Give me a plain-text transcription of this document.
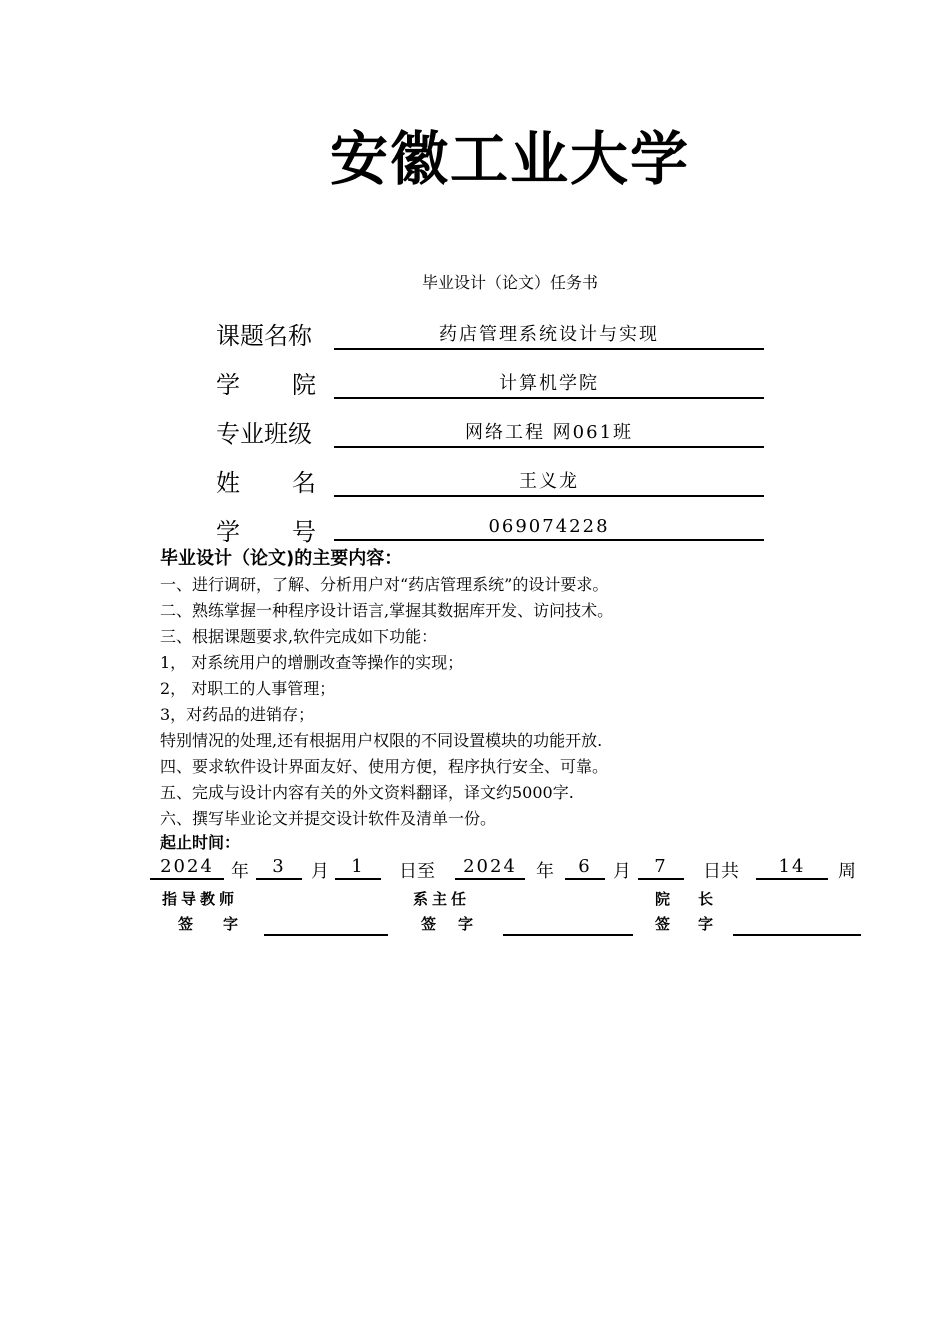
安徽工业大学
毕业设计（论文）任务书
课题名称	药店管理系统设计与实现
学 院	计算机学院
专业班级	网络工程 网061班
姓 名	王义龙
学 号	069074228
毕业设计（论文)的主要内容：
一、进行调研，了解、分析用户对“药店管理系统”的设计要求。
二、熟练掌握一种程序设计语言,掌握其数据库开发、访问技术。
三、根据课题要求,软件完成如下功能：
1， 对系统用户的增删改查等操作的实现；
2， 对职工的人事管理；
3，对药品的进销存；
特别情况的处理,还有根据用户权限的不同设置模块的功能开放.
四、要求软件设计界面友好、使用方便，程序执行安全、可靠。
五、完成与设计内容有关的外文资料翻译，译文约5000字.
六、撰写毕业论文并提交设计软件及清单一份。
起止时间：
2024 年	3	月	1	日至	2024	年	6	月	7	日共	14	周
指导教师
签 字
系主任
签 字
院 长
签 字
